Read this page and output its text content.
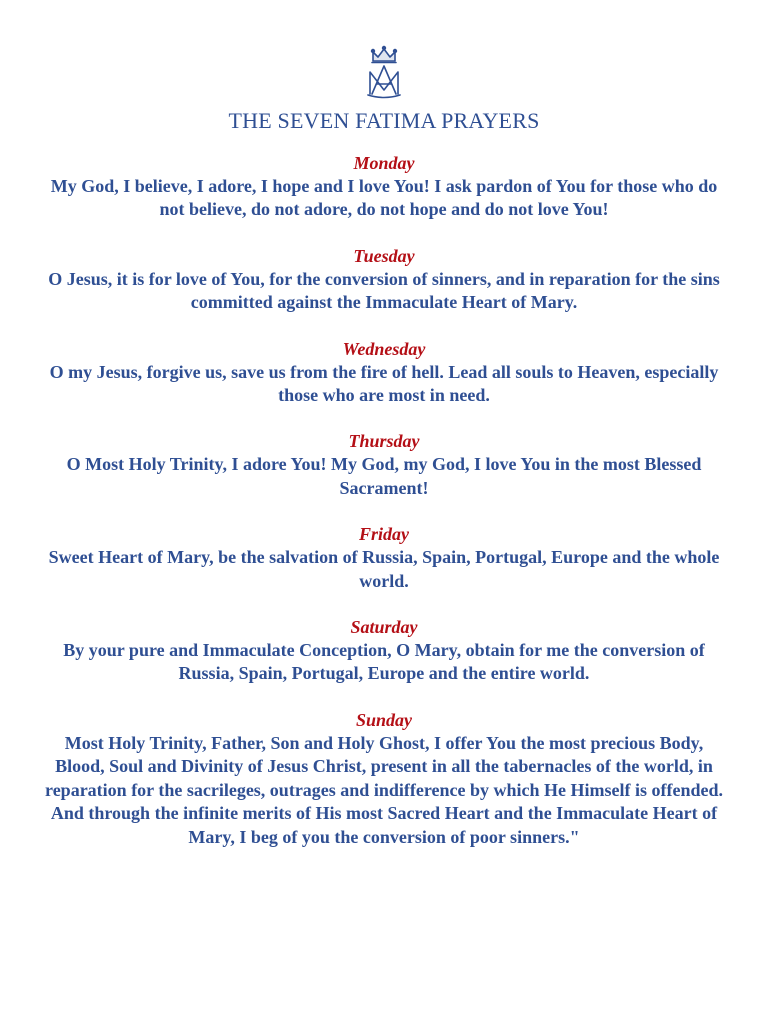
THE SEVEN FATIMA PRAYERS
Monday
My God, I believe, I adore, I hope and I love You! I ask pardon of You for those who do not believe, do not adore, do not hope and do not love You!
Tuesday
O Jesus, it is for love of You, for the conversion of sinners, and in reparation for the sins committed against the Immaculate Heart of Mary.
Wednesday
O my Jesus, forgive us, save us from the fire of hell. Lead all souls to Heaven, especially those who are most in need.
Thursday
O Most Holy Trinity, I adore You! My God, my God, I love You in the most Blessed Sacrament!
Friday
Sweet Heart of Mary, be the salvation of Russia, Spain, Portugal, Europe and the whole world.
Saturday
By your pure and Immaculate Conception, O Mary, obtain for me the conversion of Russia, Spain, Portugal, Europe and the entire world.
Sunday
Most Holy Trinity, Father, Son and Holy Ghost, I offer You the most precious Body, Blood, Soul and Divinity of Jesus Christ, present in all the tabernacles of the world, in reparation for the sacrileges, outrages and indifference by which He Himself is offended. And through the infinite merits of His most Sacred Heart and the Immaculate Heart of Mary, I beg of you the conversion of poor sinners."
